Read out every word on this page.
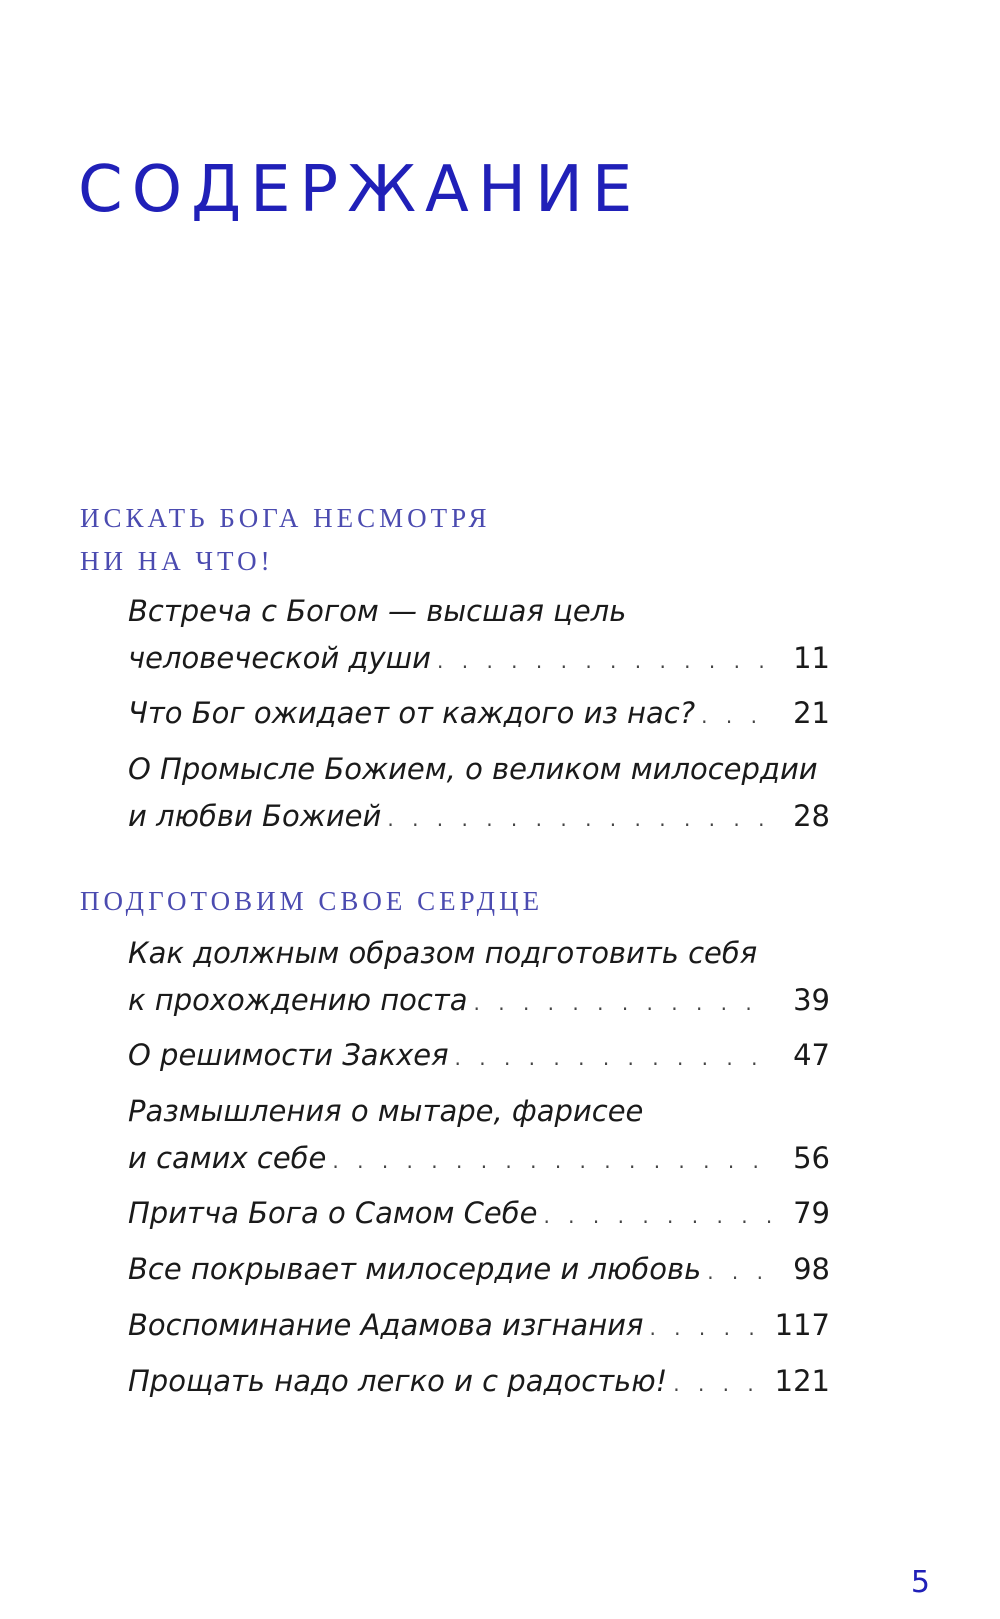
СОДЕРЖАНИЕ
ИСКАТЬ БОГА НЕСМОТРЯ
НИ НА ЧТО!
Встреча с Богом — высшая цель
человеческой души . . .	11
Что Бог ожидает от каждого из нас? . . .	21
О Промысле Божием, о великом милосердии
и любви Божией . . .	28
ПОДГОТОВИМ СВОЕ СЕРДЦЕ
Как должным образом подготовить себя
к прохождению поста . . .	39
О решимости Закхея . . .	47
Размышления о мытаре, фарисее
и самих себе . . .	56
Притча Бога о Самом Себе . . .	79
Все покрывает милосердие и любовь . . .	98
Воспоминание Адамова изгнания . . .	117
Прощать надо легко и с радостью! . . .	121
5
